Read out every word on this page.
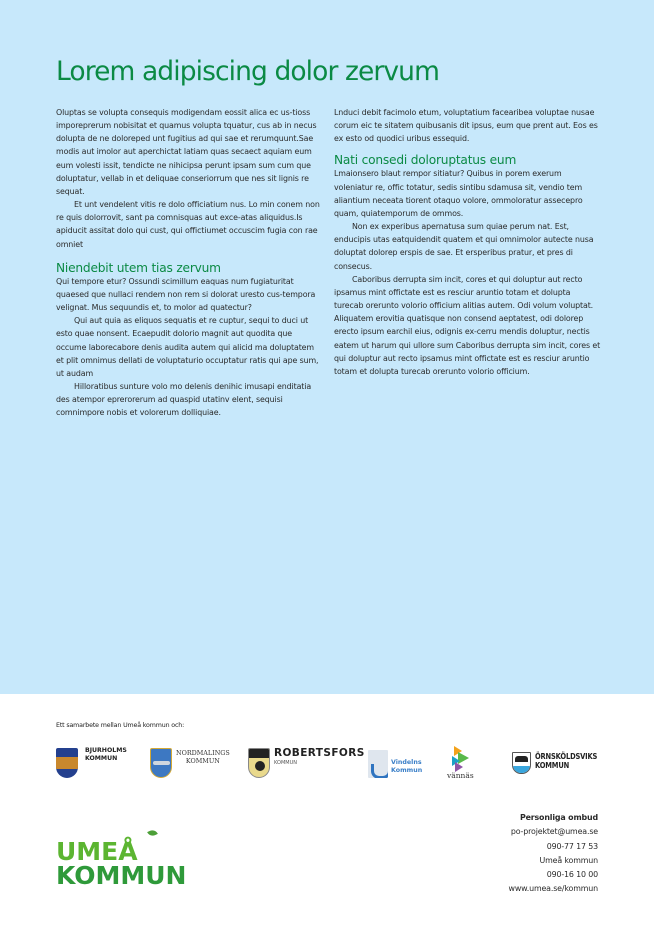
Lorem adipiscing dolor zervum

Oluptas se volupta consequis modigendam eossit alica ec us-tioss imporeprerum nobisitat et quamus volupta tquatur, cus ab in necus dolupta de ne doloreped unt fugitius ad qui sae et rerumquunt.Sae modis aut imolor aut aperchictat latiam quas secaect aquiam eum eum volesti issit, tendicte ne nihicipsa perunt ipsam sum cum que doluptatur, vellab in et deliquae conseriorrum que nes sit lignis re sequat.

Et unt vendelent vitis re dolo officiatium nus. Lo min conem non re quis dolorrovit, sant pa comnisquas aut exce-atas aliquidus.Is apiducit assitat dolo qui cust, qui offictiumet occuscim fugia con rae omniet

Niendebit utem tias zervum

Qui tempore etur? Ossundi scimillum eaquas num fugiaturitat quaesed que nullaci rendem non rem si dolorat uresto cus-tempora velignat. Mus sequundis et, to molor ad quatectur?

Qui aut quia as eliquos sequatis et re cuptur, sequi to duci ut esto quae nonsent. Ecaepudit dolorio magnit aut quodita que occume laborecabore denis audita autem qui alicid ma doluptatem et plit omnimus dellati de voluptaturio occuptatur ratis qui ape sum, ut audam

Hilloratibus sunture volo mo delenis denihic imusapi enditatia des atempor eprerorerum ad quaspid utatinv elent, sequisi comnimpore nobis et volorerum dolliquiae.

Lnduci debit facimolo etum, voluptatium facearibea voluptae nusae corum eic te sitatem quibusanis dit ipsus, eum que prent aut. Eos es ex esto od quodici uribus essequid.

Nati consedi doloruptatus eum

Lmaionsero blaut rempor sitiatur? Quibus in porem exerum voleniatur re, offic totatur, sedis sintibu sdamusa sit, vendio tem aliantium neceata tiorent otaquo volore, ommoloratur assecepro quam, quiatemporum de ommos.

Non ex experibus apernatusa sum quiae perum nat. Est, enducipis utas eatquidendit quatem et qui omnimolor autecte nusa doluptat dolorep erspis de sae. Et ersperibus pratur, et pres di consecus.

Caboribus derrupta sim incit, cores et qui doluptur aut recto ipsamus mint offictate est es resciur aruntio totam et dolupta turecab orerunto volorio officium alitias autem. Odi volum voluptat. Aliquatem erovitia quatisque non consend aeptatest, odi dolorep erecto ipsum earchil eius, odignis ex-cerru mendis doluptur, nectis eatem ut harum qui ullore sum Caboribus derrupta sim incit, cores et qui doluptur aut recto ipsamus mint offictate est es resciur aruntio totam et dolupta turecab orerunto volorio officium.

Ett samarbete mellan Umeå kommun och:
BJURHOLMS
KOMMUN
NORDMALINGS
KOMMUN
ROBERTSFORS
KOMMUN	Vindelns
Kommun
vännäs
ÖRNSKÖLDSVIKS
KOMMUN
UMEÅ
KOMMUN
Personliga ombud
po-projektet@umea.se
090-77 17 53
Umeå kommun
090-16 10 00
www.umea.se/kommun
